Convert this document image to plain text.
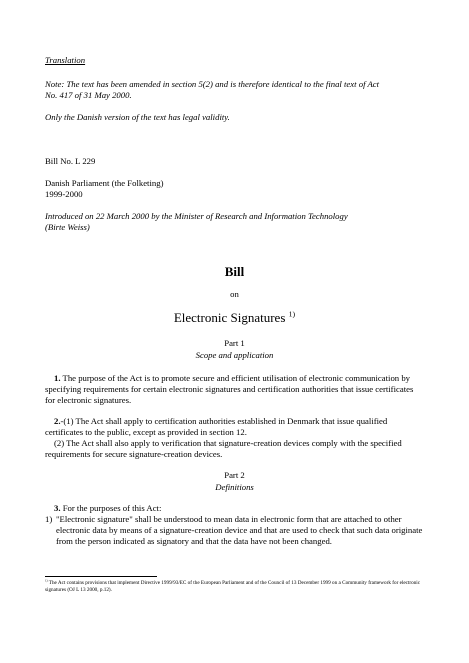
Translation
Note: The text has been amended in section 5(2) and is therefore identical to the final text of Act
No. 417 of 31 May 2000.
Only the Danish version of the text has legal validity.
Bill No. L 229
Danish Parliament (the Folketing)
1999-2000
Introduced on 22 March 2000 by the Minister of Research and Information Technology
(Birte Weiss)
Bill
on
Electronic Signatures $^{1)}$
Part 1
Scope and application
1. The purpose of the Act is to promote secure and efficient utilisation of electronic communication by specifying requirements for certain electronic signatures and certification authorities that issue certificates for electronic signatures.
2.-(1) The Act shall apply to certification authorities established in Denmark that issue qualified certificates to the public, except as provided in section 12.
(2) The Act shall also apply to verification that signature-creation devices comply with the specified requirements for secure signature-creation devices.
Part 2
Definitions
3. For the purposes of this Act:
1) "Electronic signature" shall be understood to mean data in electronic form that are attached to other electronic data by means of a signature-creation device and that are used to check that such data originate from the person indicated as signatory and that the data have not been changed.
$^{1)}$ The Act contains provisions that implement Directive 1999/93/EC of the European Parliament and of the Council of 13 December 1999 on a Community framework for electronic signatures (OJ L 13 2000, p.12).
